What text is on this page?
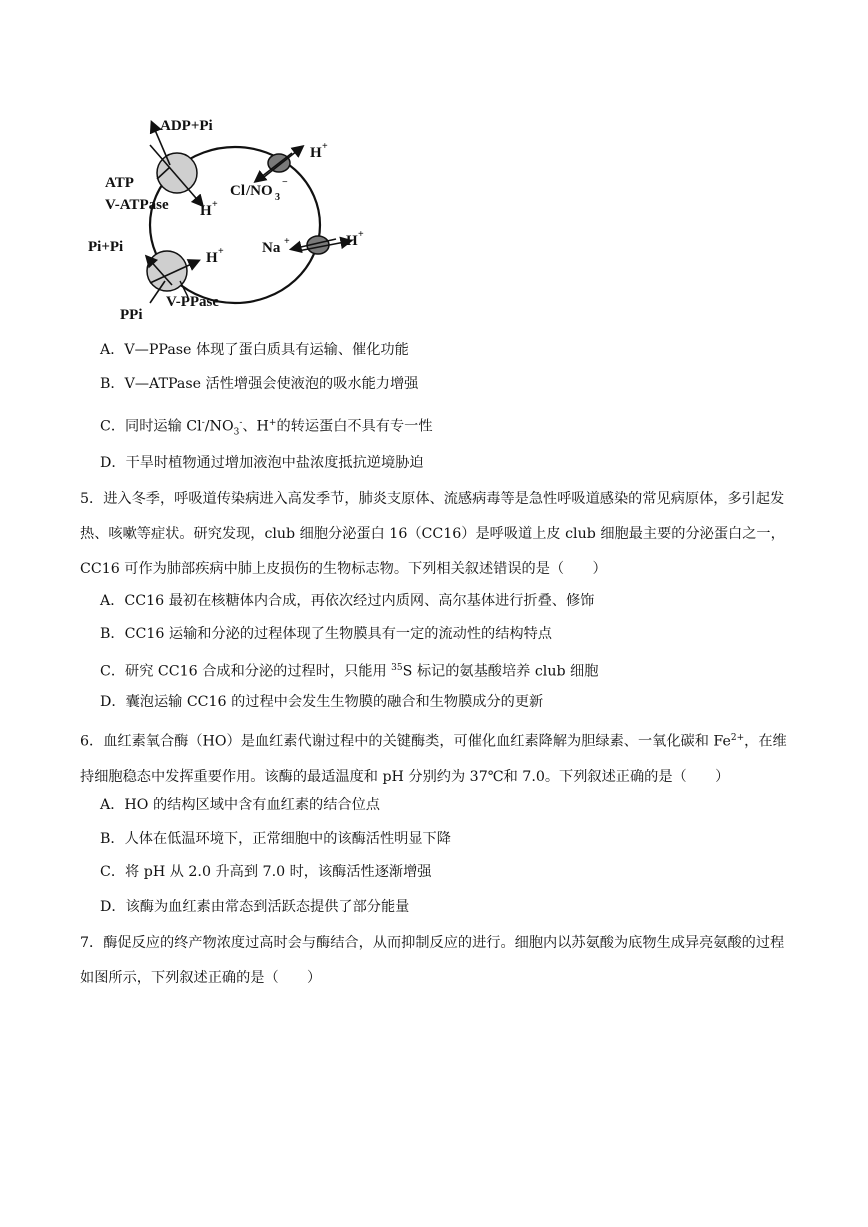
ADP+Pi
ATP
V-ATPase H +
H +
Cl /NO 3
−
Na +	H +
Pi+Pi
H +
PPi
V-PPase
A．V—PPase 体现了蛋白质具有运输、催化功能
B．V—ATPase 活性增强会使液泡的吸水能力增强
C．同时运输 $Cl^-/NO_3^-$、H+的转运蛋白不具有专一性
D．干旱时植物通过增加液泡中盐浓度抵抗逆境胁迫
5．进入冬季，呼吸道传染病进入高发季节，肺炎支原体、流感病毒等是急性呼吸道感染的常见病原体，多引起发热、咳嗽等症状。研究发现，club 细胞分泌蛋白 16（CC16）是呼吸道上皮 club 细胞最主要的分泌蛋白之一，CC16 可作为肺部疾病中肺上皮损伤的生物标志物。下列相关叙述错误的是（　　）
A．CC16 最初在核糖体内合成，再依次经过内质网、高尔基体进行折叠、修饰
B．CC16 运输和分泌的过程体现了生物膜具有一定的流动性的结构特点
C．研究 CC16 合成和分泌的过程时，只能用 $^{35}$S 标记的氨基酸培养 club 细胞
D．囊泡运输 CC16 的过程中会发生生物膜的融合和生物膜成分的更新
6．血红素氧合酶（HO）是血红素代谢过程中的关键酶类，可催化血红素降解为胆绿素、一氧化碳和 $Fe^{2+}$，在维持细胞稳态中发挥重要作用。该酶的最适温度和 pH 分别约为 37℃和 7.0。下列叙述正确的是（　　）
A．HO 的结构区域中含有血红素的结合位点
B．人体在低温环境下，正常细胞中的该酶活性明显下降
C．将 pH 从 2.0 升高到 7.0 时，该酶活性逐渐增强
D．该酶为血红素由常态到活跃态提供了部分能量
7．酶促反应的终产物浓度过高时会与酶结合，从而抑制反应的进行。细胞内以苏氨酸为底物生成异亮氨酸的过程如图所示，下列叙述正确的是（　　）
